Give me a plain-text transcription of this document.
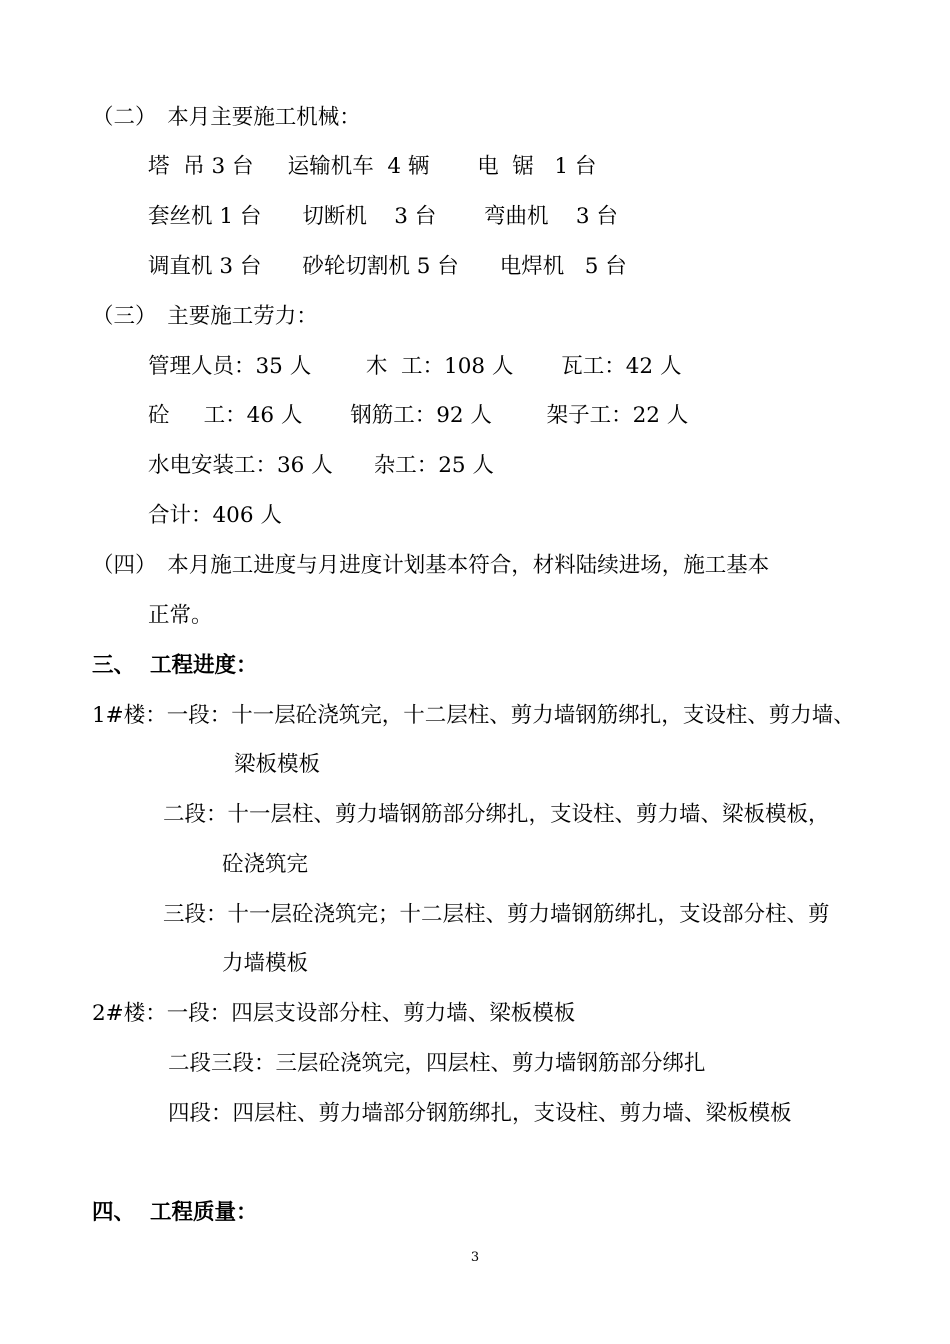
（二）　本月主要施工机械：
塔  吊 3 台     运输机车  4 辆       电  锯   1 台
套丝机 1 台      切断机    3 台       弯曲机    3 台
调直机 3 台      砂轮切割机 5 台      电焊机   5 台
（三）　主要施工劳力：
管理人员：35 人        木  工：108 人       瓦工：42 人
砼     工：46 人       钢筋工：92 人        架子工：22 人
水电安装工：36 人      杂工：25 人
合计：406 人
（四）　本月施工进度与月进度计划基本符合，材料陆续进场，施工基本
正常。
三、  工程进度：
1#楼：一段：十一层砼浇筑完，十二层柱、剪力墙钢筋绑扎，支设柱、剪力墙、
梁板模板
二段：十一层柱、剪力墙钢筋部分绑扎，支设柱、剪力墙、梁板模板，
砼浇筑完
三段：十一层砼浇筑完；十二层柱、剪力墙钢筋绑扎，支设部分柱、剪
力墙模板
2#楼：一段：四层支设部分柱、剪力墙、梁板模板
二段三段：三层砼浇筑完，四层柱、剪力墙钢筋部分绑扎
四段：四层柱、剪力墙部分钢筋绑扎，支设柱、剪力墙、梁板模板
四、  工程质量：
3
